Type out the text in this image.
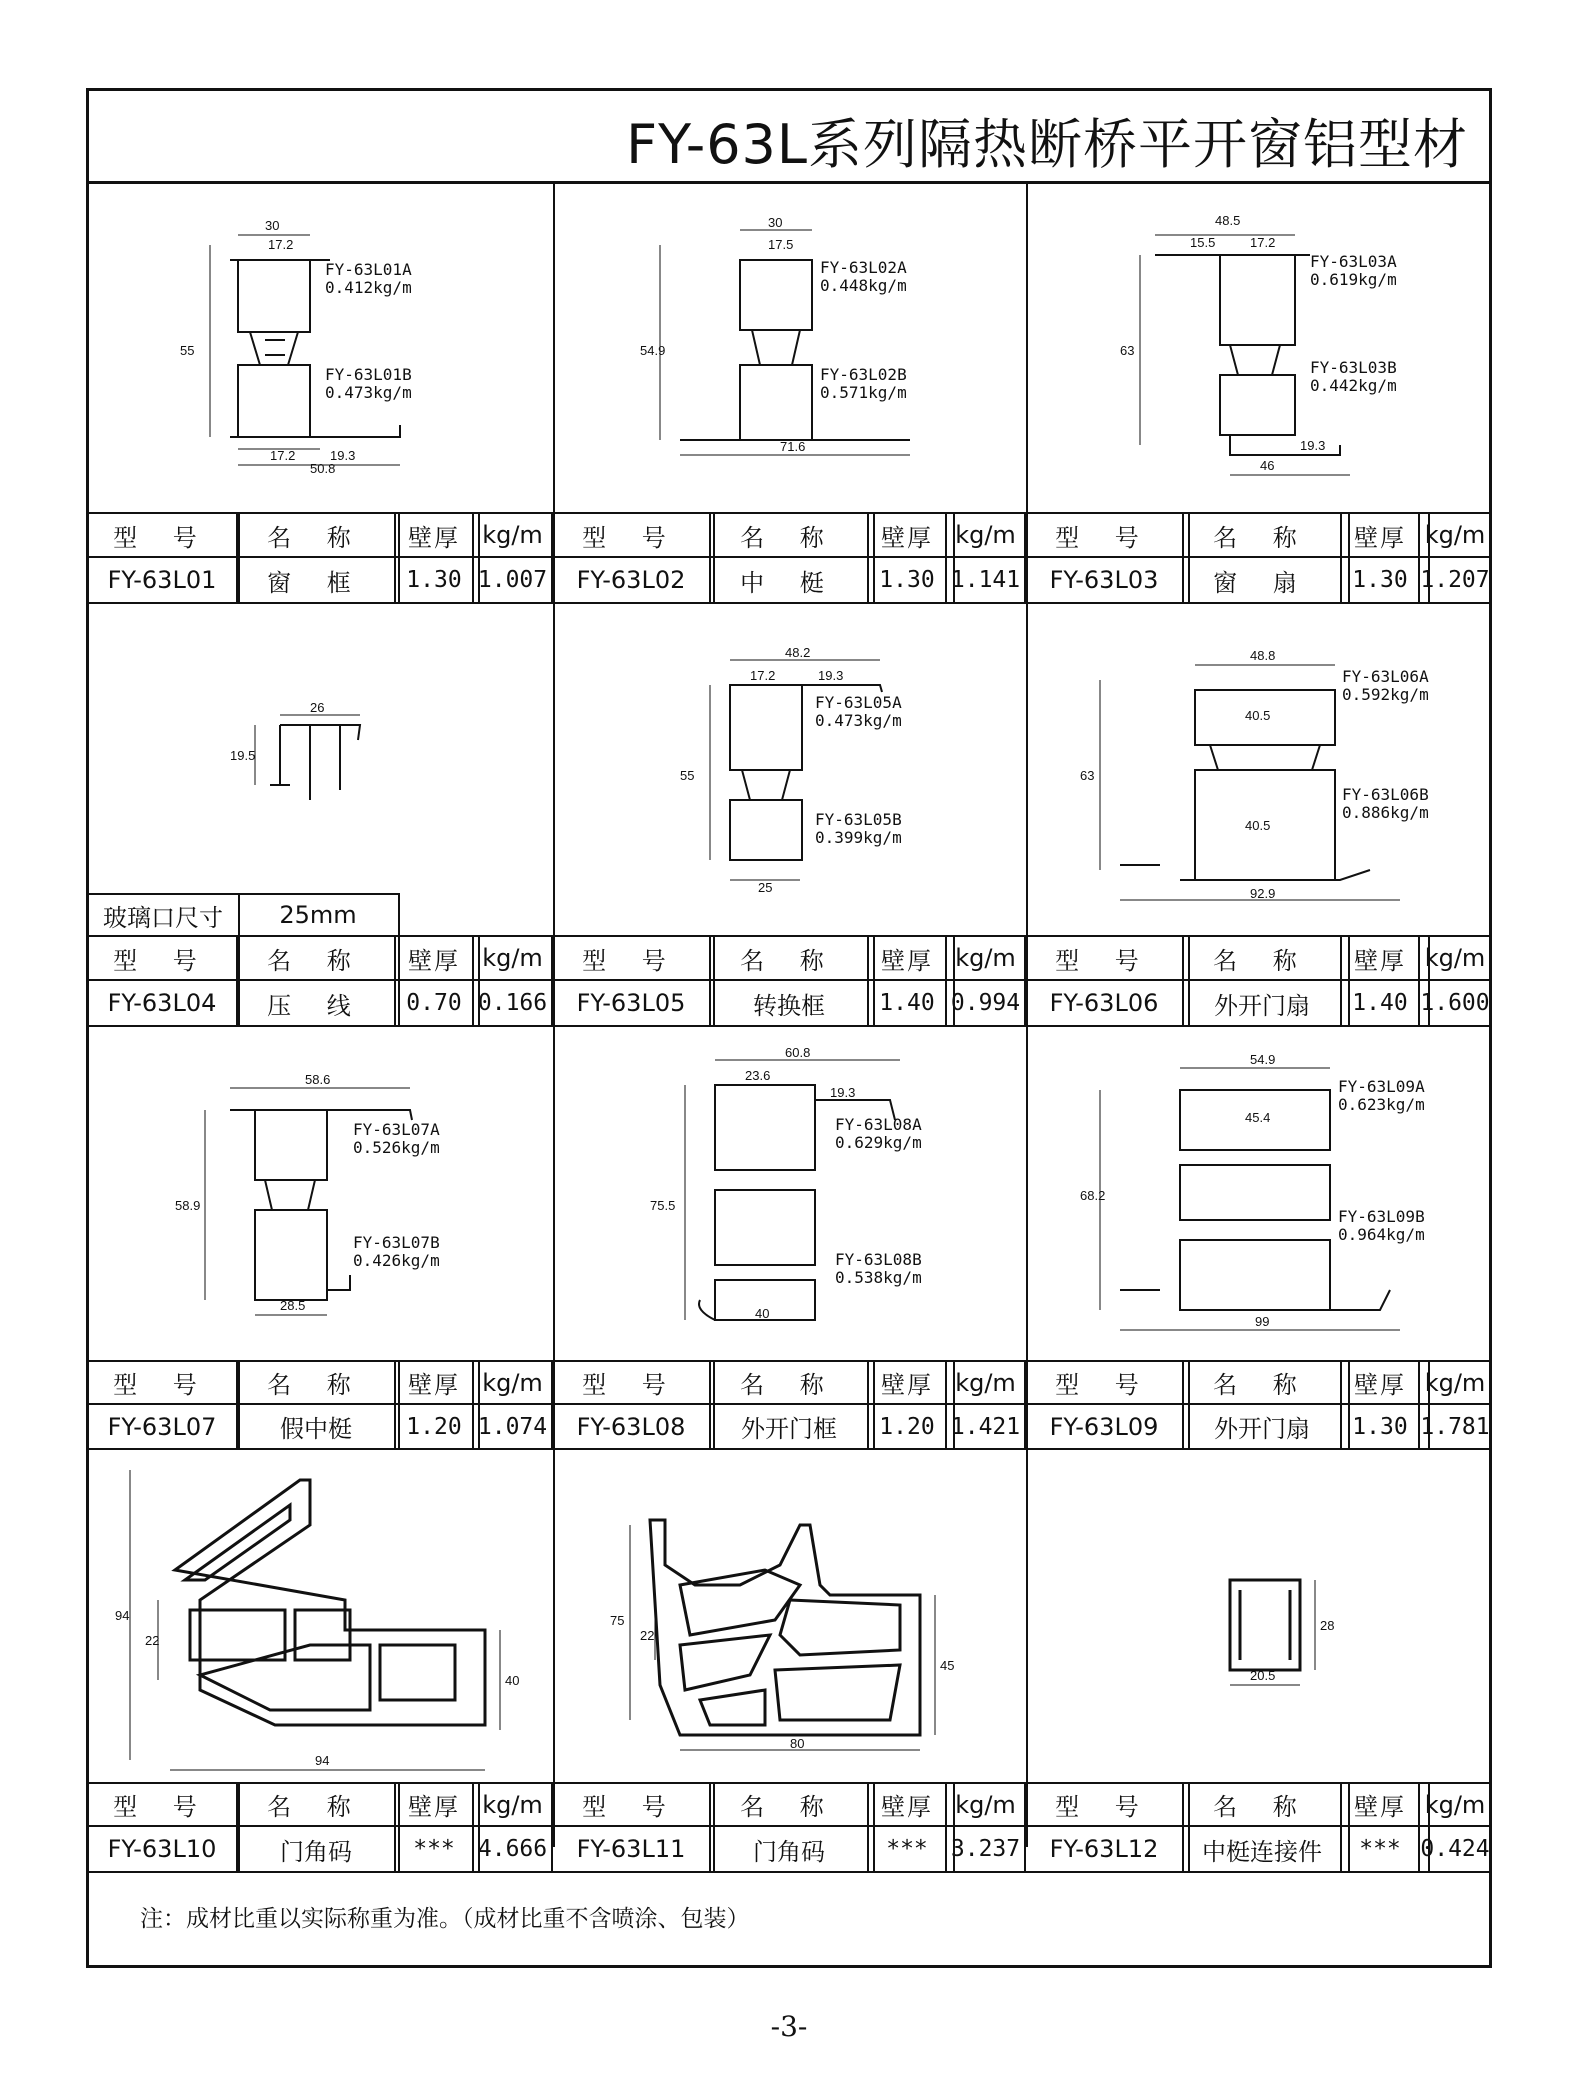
FY-63L系列隔热断桥平开窗铝型材
30
17.2
50.8
55
17.2	19.3
FY-63L01A
0.412kg/m
FY-63L01B
0.473kg/m
30
17.5
71.6
54.9
FY-63L02A
0.448kg/m
FY-63L02B
0.571kg/m
48.5
15.5	17.2
63
46
19.3
FY-63L03A
0.619kg/m
FY-63L03B
0.442kg/m
型 号	名 称	壁厚 kg/m	型 号	名 称	壁厚 kg/m	型 号	名 称	壁厚 kg/m
FY-63L01	窗 框	1.30 1.007	FY-63L02	中 梃	1.30 1.141	FY-63L03	窗 扇	1.30 1.207
26
19.5
48.2
17.2	19.3
55
25
FY-63L05A
0.473kg/m
FY-63L05B
0.399kg/m
48.8
40.5
40.5
63
92.9
FY-63L06A
0.592kg/m
FY-63L06B
0.886kg/m
玻璃口尺寸	25mm
型 号	名 称	壁厚 kg/m	型 号	名 称	壁厚 kg/m	型 号	名 称	壁厚 kg/m
FY-63L04	压 线	0.70 0.166	FY-63L05	转换框	1.40 0.994	FY-63L06	外开门扇	1.40 1.600
58.6
58.9
28.5
FY-63L07A
0.526kg/m
FY-63L07B
0.426kg/m
60.8
23.6
19.3
75.5
40
FY-63L08A
0.629kg/m
FY-63L08B
0.538kg/m
54.9
45.4
68.2
99
FY-63L09A
0.623kg/m
FY-63L09B
0.964kg/m
型 号	名 称	壁厚 kg/m	型 号	名 称	壁厚 kg/m	型 号	名 称	壁厚 kg/m
FY-63L07	假中梃	1.20 1.074	FY-63L08	外开门框	1.20 1.421	FY-63L09	外开门扇	1.30 1.781
94
22
40
94
75
22
45
80
28
20.5
型 号	名 称	壁厚 kg/m	型 号	名 称	壁厚 kg/m	型 号	名 称	壁厚 kg/m
FY-63L10	门角码	***	4.666	FY-63L11	门角码	***	3.237	FY-63L12	中梃连接件	*** 0.424
注：成材比重以实际称重为准。（成材比重不含喷涂、包装）
-3-
